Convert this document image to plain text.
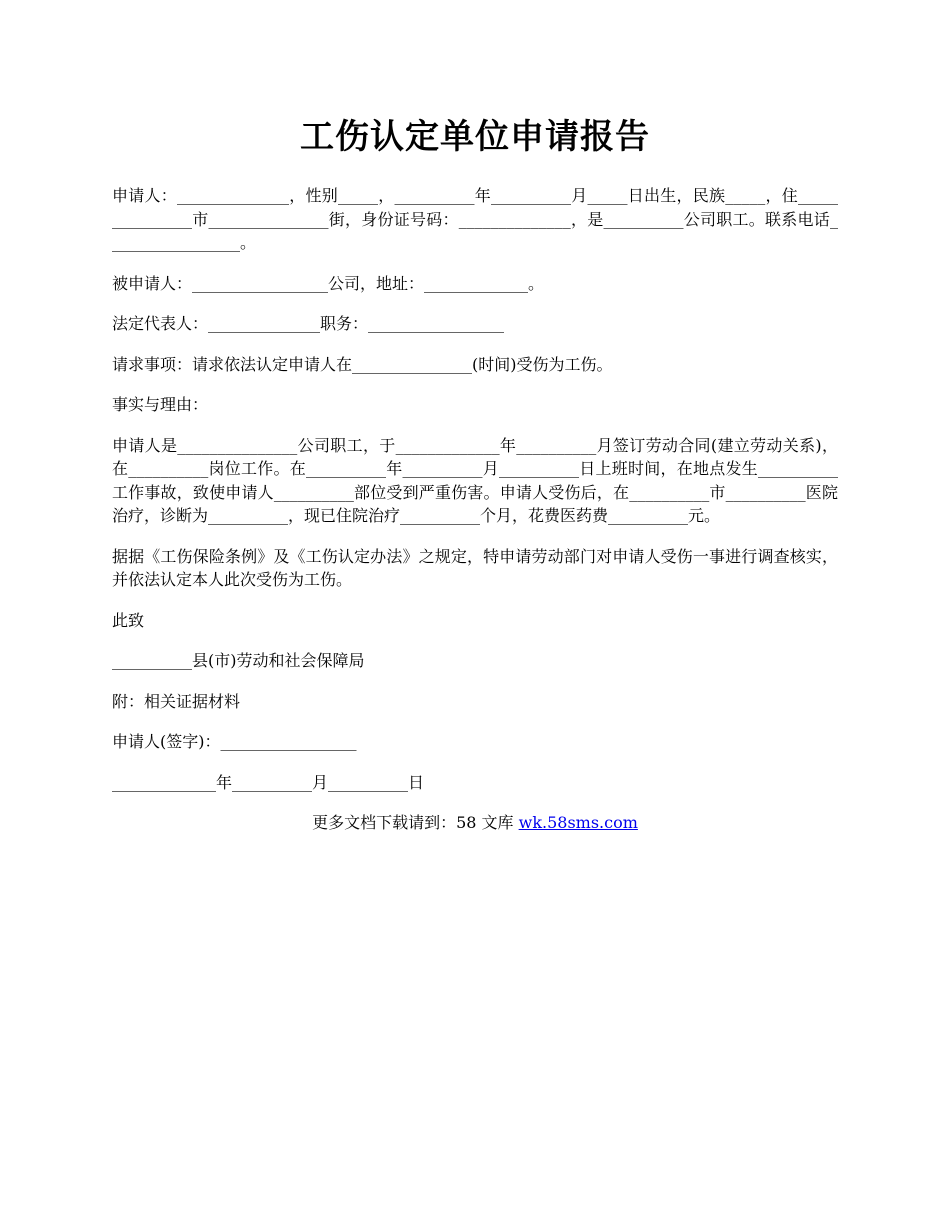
工伤认定单位申请报告

申请人：______________，性别_____，__________年__________月_____日出生，民族_____，住_______________市_______________街，身份证号码：______________，是__________公司职工。联系电话_________________。

被申请人：_________________公司，地址：_____________。

法定代表人：______________职务：_________________

请求事项：请求依法认定申请人在_______________(时间)受伤为工伤。

事实与理由：

申请人是_______________公司职工，于_____________年__________月签订劳动合同(建立劳动关系)，在__________岗位工作。在__________年__________月__________日上班时间，在地点发生__________工作事故，致使申请人__________部位受到严重伤害。申请人受伤后，在__________市__________医院治疗，诊断为__________，现已住院治疗__________个月，花费医药费__________元。

据据《工伤保险条例》及《工伤认定办法》之规定，特申请劳动部门对申请人受伤一事进行调查核实，并依法认定本人此次受伤为工伤。

此致

__________县(市)劳动和社会保障局

附：相关证据材料

申请人(签字)：_________________

_____________年__________月__________日

更多文档下载请到：58 文库 wk.58sms.com
